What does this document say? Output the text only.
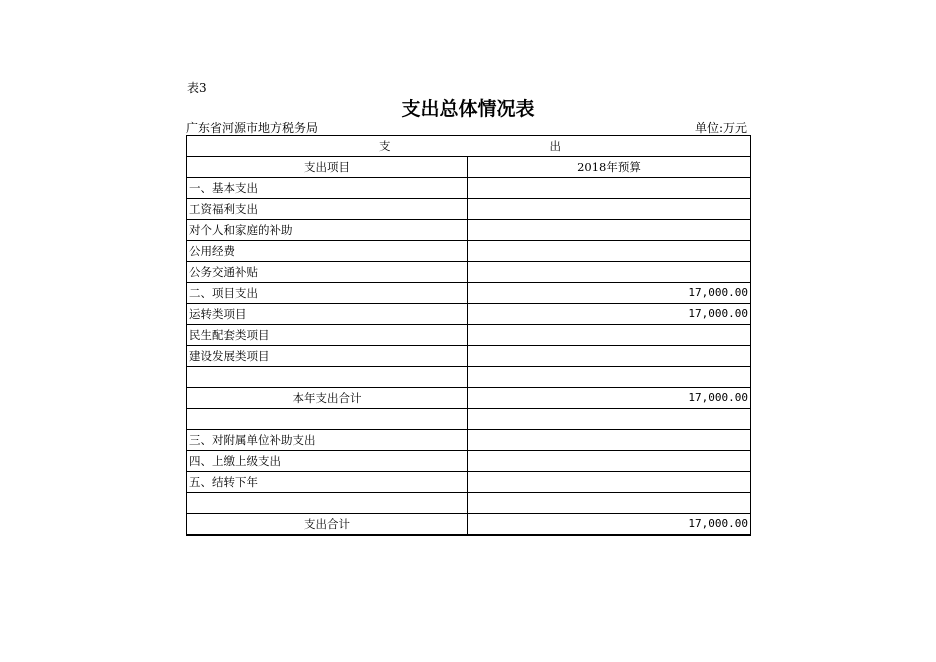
表3
支出总体情况表
广东省河源市地方税务局	单位:万元
支 出	

支出项目	2018年预算
一、基本支出	
工资福利支出	
对个人和家庭的补助	
公用经费	
公务交通补贴	
二、项目支出	17,000.00
运转类项目	17,000.00
民生配套类项目	
建设发展类项目	

本年支出合计	17,000.00

三、对附属单位补助支出	
四、上缴上级支出	
五、结转下年	

支出合计	17,000.00
